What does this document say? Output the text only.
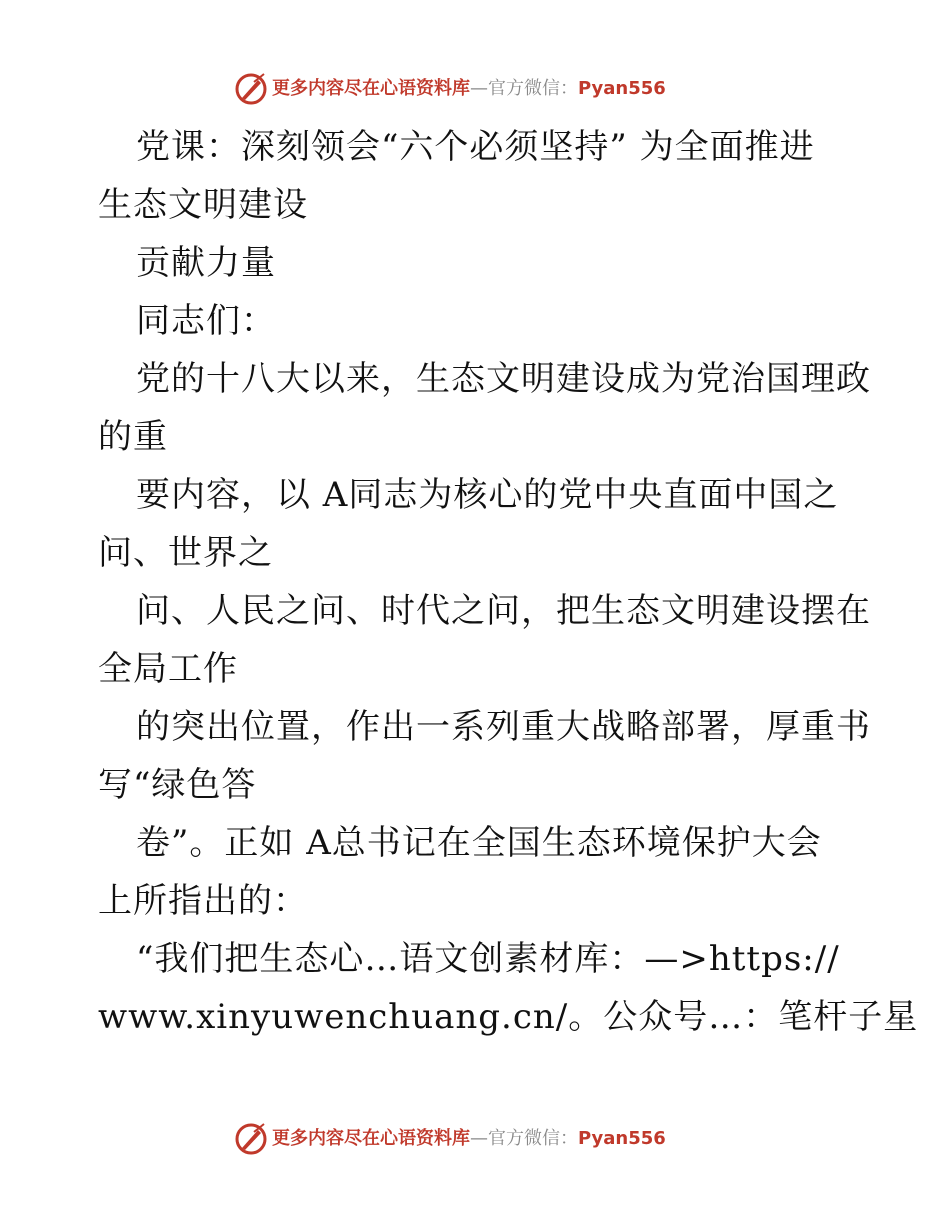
更多内容尽在心语资料库—官方微信：Pyan556

党课：深刻领会“六个必须坚持” 为全面推进

生态文明建设

贡献力量

同志们：

党的十八大以来，生态文明建设成为党治国理政

的重

要内容，以 A同志为核心的党中央直面中国之

问、世界之

问、人民之问、时代之问，把生态文明建设摆在

全局工作

的突出位置，作出一系列重大战略部署，厚重书

写“绿色答

卷”。正如 A总书记在全国生态环境保护大会

上所指出的：

“我们把生态心…语文创素材库：—>https://

www.xinyuwenchuang.cn/。公众号…：笔杆子星

更多内容尽在心语资料库—官方微信：Pyan556
